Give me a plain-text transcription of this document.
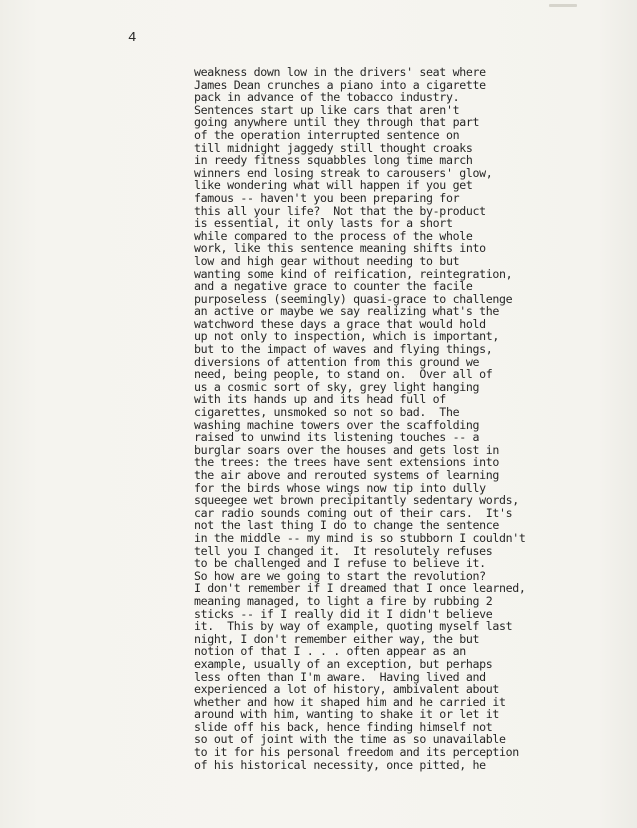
4
weakness down low in the drivers' seat where
James Dean crunches a piano into a cigarette
pack in advance of the tobacco industry.
Sentences start up like cars that aren't
going anywhere until they through that part
of the operation interrupted sentence on
till midnight jaggedy still thought croaks
in reedy fitness squabbles long time march
winners end losing streak to carousers' glow,
like wondering what will happen if you get
famous -- haven't you been preparing for
this all your life?  Not that the by-product
is essential, it only lasts for a short
while compared to the process of the whole
work, like this sentence meaning shifts into
low and high gear without needing to but
wanting some kind of reification, reintegration,
and a negative grace to counter the facile
purposeless (seemingly) quasi-grace to challenge
an active or maybe we say realizing what's the
watchword these days a grace that would hold
up not only to inspection, which is important,
but to the impact of waves and flying things,
diversions of attention from this ground we
need, being people, to stand on.  Over all of
us a cosmic sort of sky, grey light hanging
with its hands up and its head full of
cigarettes, unsmoked so not so bad.  The
washing machine towers over the scaffolding
raised to unwind its listening touches -- a
burglar soars over the houses and gets lost in
the trees: the trees have sent extensions into
the air above and rerouted systems of learning
for the birds whose wings now tip into dully
squeegee wet brown precipitantly sedentary words,
car radio sounds coming out of their cars.  It's
not the last thing I do to change the sentence
in the middle -- my mind is so stubborn I couldn't
tell you I changed it.  It resolutely refuses
to be challenged and I refuse to believe it.
So how are we going to start the revolution?
I don't remember if I dreamed that I once learned,
meaning managed, to light a fire by rubbing 2
sticks -- if I really did it I didn't believe
it.  This by way of example, quoting myself last
night, I don't remember either way, the but
notion of that I . . . often appear as an
example, usually of an exception, but perhaps
less often than I'm aware.  Having lived and
experienced a lot of history, ambivalent about
whether and how it shaped him and he carried it
around with him, wanting to shake it or let it
slide off his back, hence finding himself not
so out of joint with the time as so unavailable
to it for his personal freedom and its perception
of his historical necessity, once pitted, he
